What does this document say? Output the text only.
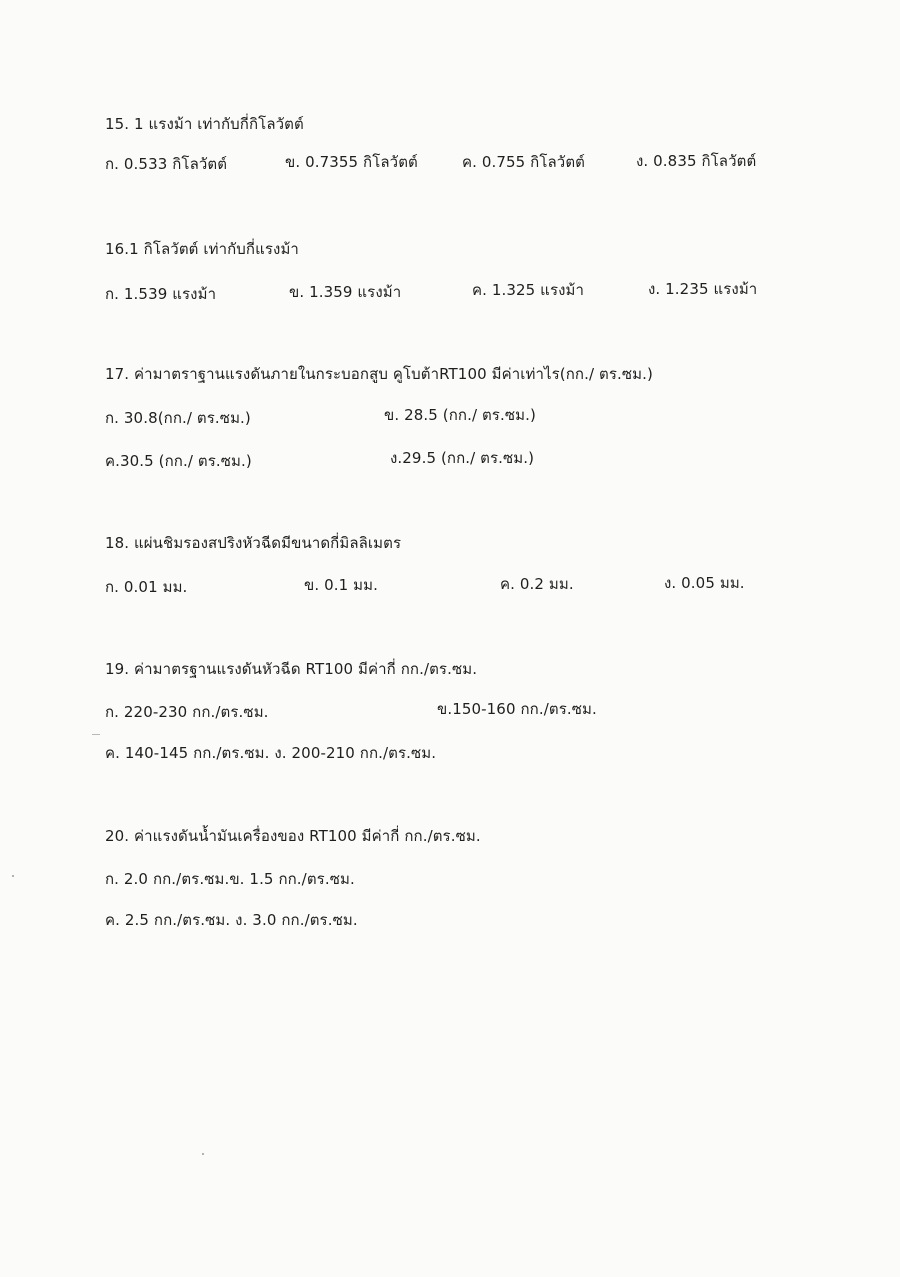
15. 1 แรงม้า เท่ากับกี่กิโลวัตต์
ก. 0.533 กิโลวัตต์	ข. 0.7355 กิโลวัตต์	ค. 0.755 กิโลวัตต์	ง. 0.835 กิโลวัตต์
16.1 กิโลวัตต์ เท่ากับกี่แรงม้า
ก. 1.539 แรงม้า	ข. 1.359 แรงม้า	ค. 1.325 แรงม้า	ง. 1.235 แรงม้า
17. ค่ามาตราฐานแรงดันภายในกระบอกสูบ คูโบต้าRT100 มีค่าเท่าไร(กก./ ตร.ซม.)
ก. 30.8(กก./ ตร.ซม.)	ข. 28.5 (กก./ ตร.ซม.)
ค.30.5 (กก./ ตร.ซม.)	ง.29.5 (กก./ ตร.ซม.)
18. แผ่นชิมรองสปริงหัวฉีดมีขนาดกี่มิลลิเมตร
ก. 0.01 มม.	ข. 0.1 มม.	ค. 0.2 มม.	ง. 0.05 มม.
19. ค่ามาตรฐานแรงดันหัวฉีด RT100 มีค่ากี่ กก./ตร.ซม.
ก. 220-230 กก./ตร.ซม.	ข.150-160 กก./ตร.ซม.
ค. 140-145 กก./ตร.ซม. ง. 200-210 กก./ตร.ซม.
20. ค่าแรงดันน้ำมันเครื่องของ RT100 มีค่ากี่ กก./ตร.ซม.
ก. 2.0 กก./ตร.ซม.ข. 1.5 กก./ตร.ซม.
ค. 2.5 กก./ตร.ซม. ง. 3.0 กก./ตร.ซม.
